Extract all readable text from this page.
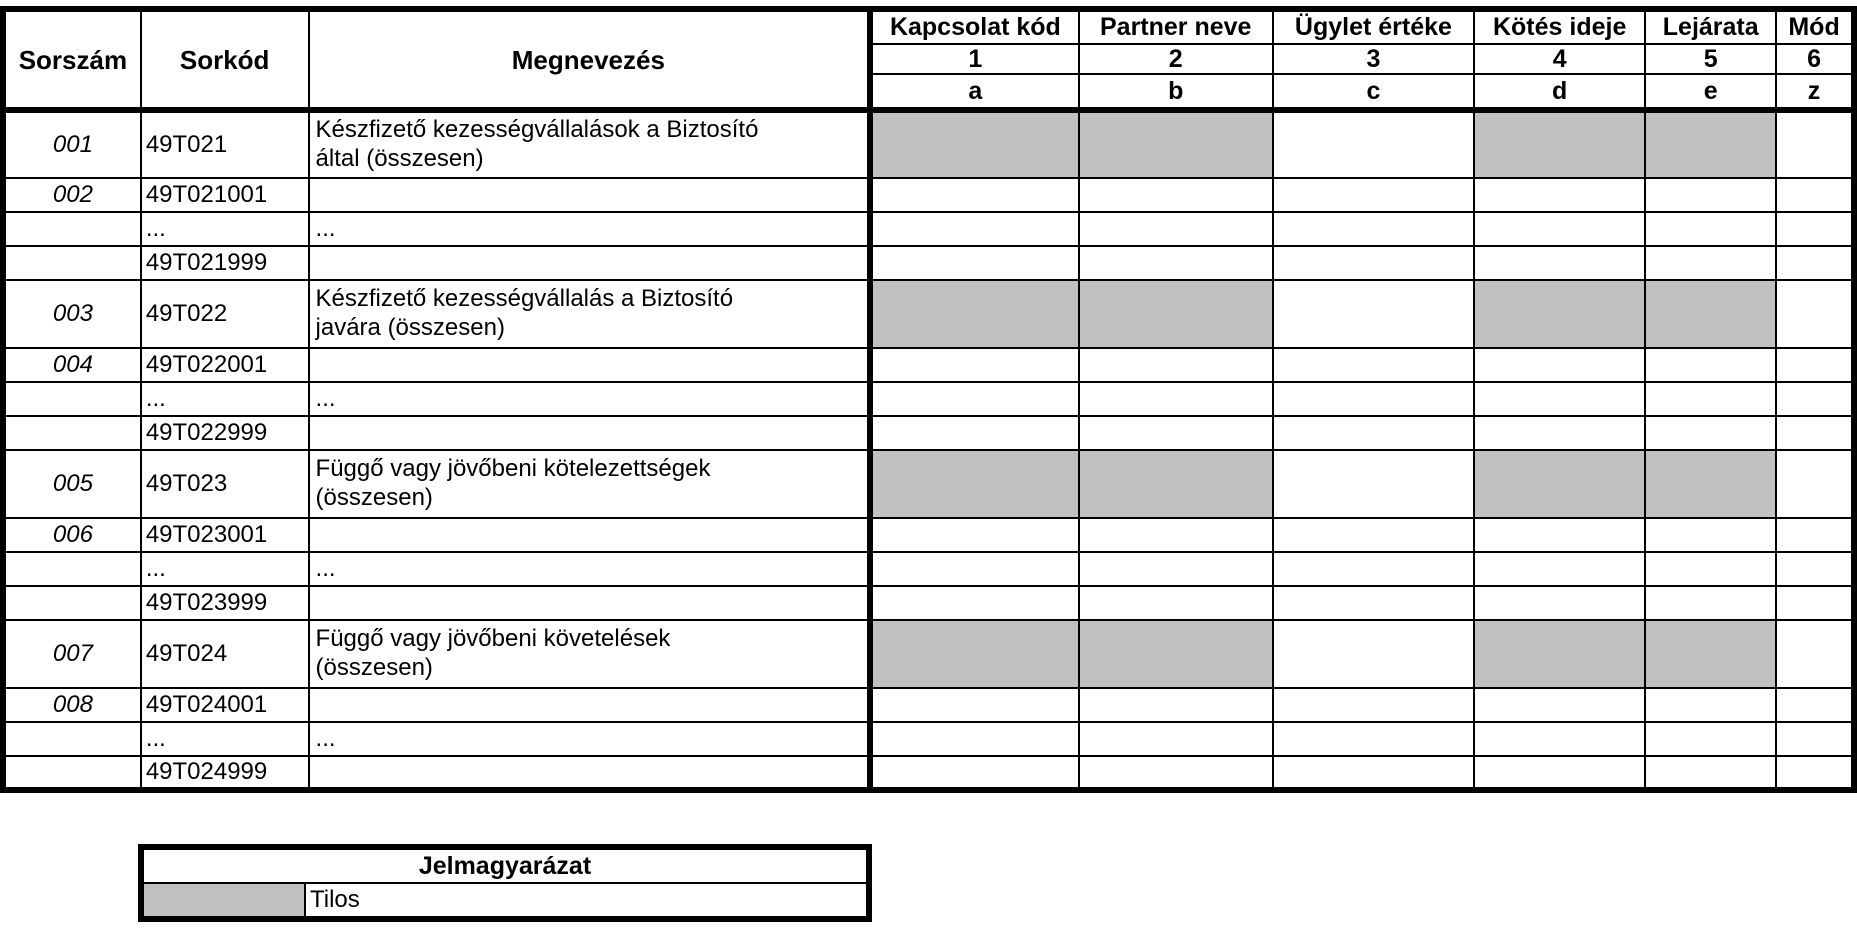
Sorszám	Sorkód	Megnevezés	Kapcsolat kód	Partner neve	Ügylet értéke	Kötés ideje	Lejárata	Mód
			1	2	3	4	5	6
			a	b	c	d	e	z
001	49T021	Készfizető kezességvállalások a Biztosító
által (összesen)						

002	49T021001	

	...	...						

	49T021999	

003	49T022	Készfizető kezességvállalás a Biztosító
javára (összesen)						

004	49T022001	

	...	...						

	49T022999	

005	49T023	Függő vagy jövőbeni kötelezettségek
(összesen)						

006	49T023001	

	...	...						

	49T023999	

007	49T024	Függő vagy jövőbeni követelések
(összesen)						

008	49T024001	

	...	...						

	49T024999	

Jelmagyarázat
	Tilos
